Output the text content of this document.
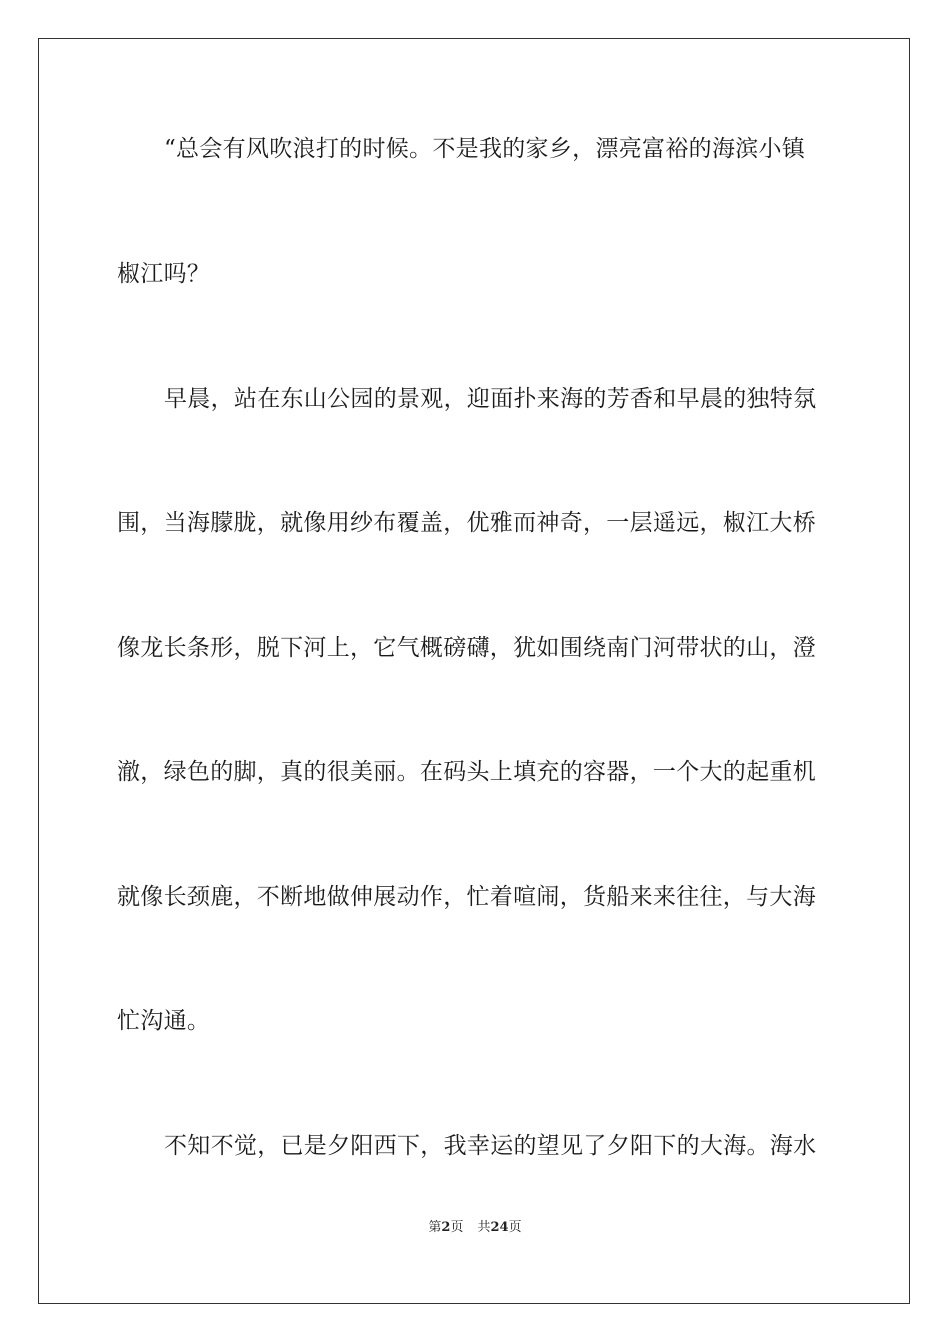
“总会有风吹浪打的时候。不是我的家乡，漂亮富裕的海滨小镇
椒江吗？
早晨，站在东山公园的景观，迎面扑来海的芳香和早晨的独特氛
围，当海朦胧，就像用纱布覆盖，优雅而神奇，一层遥远，椒江大桥
像龙长条形，脱下河上，它气概磅礴，犹如围绕南门河带状的山，澄
澈，绿色的脚，真的很美丽。在码头上填充的容器，一个大的起重机
就像长颈鹿，不断地做伸展动作，忙着喧闹，货船来来往往，与大海
忙沟通。
不知不觉，已是夕阳西下，我幸运的望见了夕阳下的大海。海水
第2页 共24页
